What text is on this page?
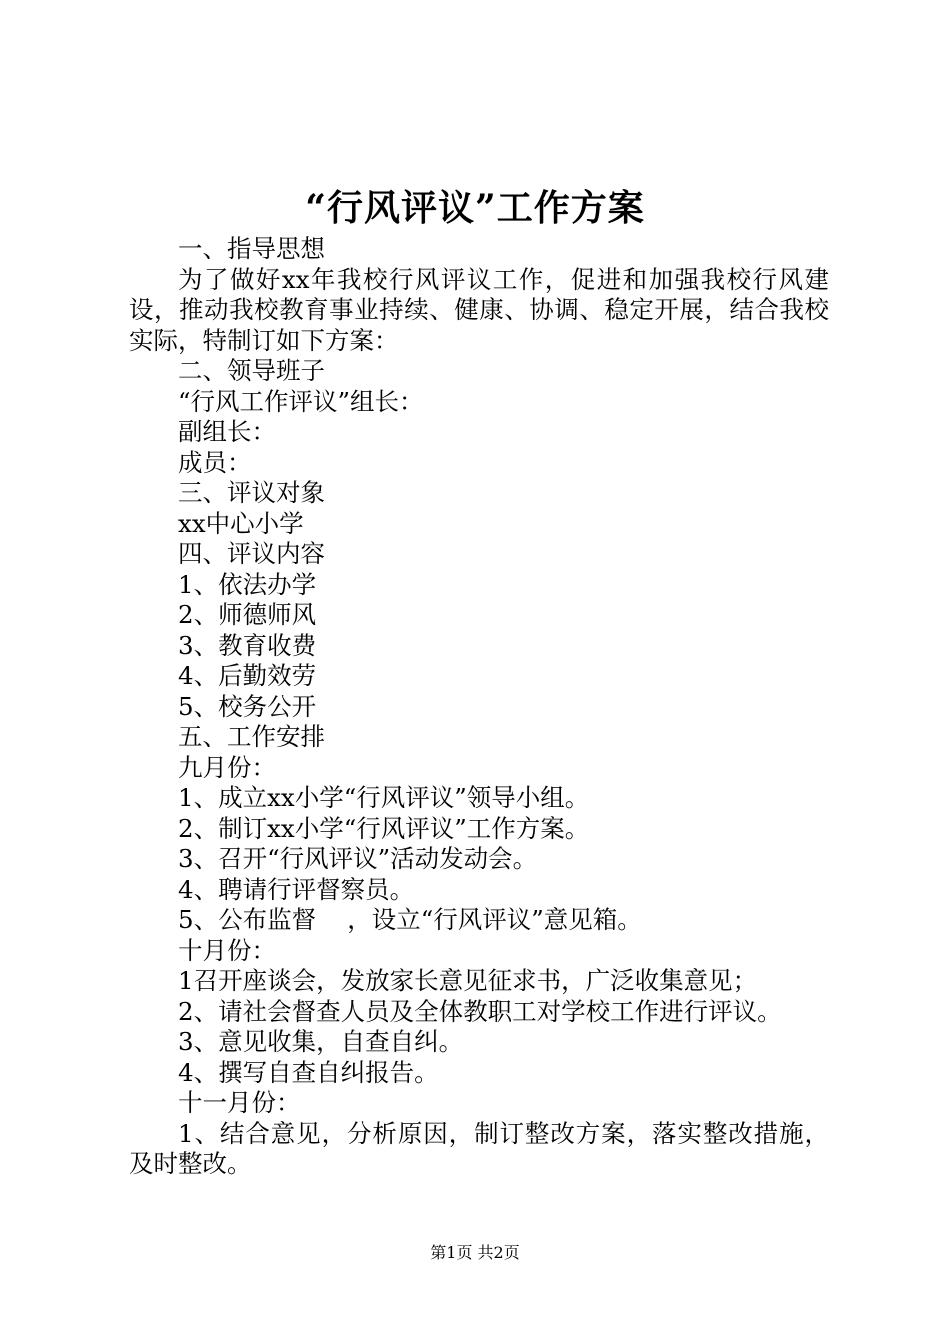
“行风评议”工作方案

一、指导思想

为了做好xx年我校行风评议工作，促进和加强我校行风建设，推动我校教育事业持续、健康、协调、稳定开展，结合我校实际，特制订如下方案：

二、领导班子

“行风工作评议”组长：

副组长：

成员：

三、评议对象

xx中心小学

四、评议内容

1、依法办学

2、师德师风

3、教育收费

4、后勤效劳

5、校务公开

五、工作安排

九月份：

1、成立xx小学“行风评议”领导小组。

2、制订xx小学“行风评议”工作方案。

3、召开“行风评议”活动发动会。

4、聘请行评督察员。

5、公布监督    ，设立“行风评议”意见箱。

十月份：

1召开座谈会，发放家长意见征求书，广泛收集意见；

2、请社会督查人员及全体教职工对学校工作进行评议。

3、意见收集，自查自纠。

4、撰写自查自纠报告。

十一月份：

1、结合意见，分析原因，制订整改方案，落实整改措施，及时整改。

第1页 共2页
